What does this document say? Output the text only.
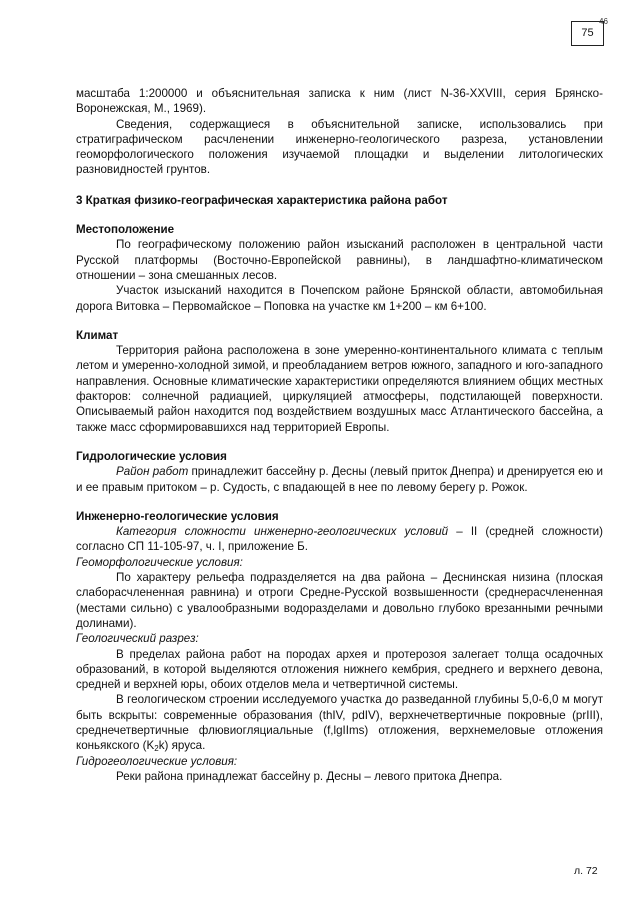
75
46

масштаба 1:200000 и объяснительная записка к ним (лист N-36-XXVIII, серия Брянско-Воронежская, М., 1969).

Сведения, содержащиеся в объяснительной записке, использовались при стратиграфическом расчленении инженерно-геологического разреза, установлении геоморфологического положения изучаемой площадки и выделении литологических разновидностей грунтов.

3 Краткая физико-географическая характеристика района работ
Местоположение

По географическому положению район изысканий расположен в центральной части Русской платформы (Восточно-Европейской равнины), в ландшафтно-климатическом отношении – зона смешанных лесов.

Участок изысканий находится в Почепском районе Брянской области, автомобильная дорога Витовка – Первомайское – Поповка на участке км 1+200 – км 6+100.

Климат

Территория района расположена в зоне умеренно-континентального климата с теплым летом и умеренно-холодной зимой, и преобладанием ветров южного, западного и юго-западного направления. Основные климатические характеристики определяются влиянием общих местных факторов: солнечной радиацией, циркуляцией атмосферы, подстилающей поверхности. Описываемый район находится под воздействием воздушных масс Атлантического бассейна, а также масс сформировавшихся над территорией Европы.

Гидрологические условия

Район работ принадлежит бассейну р. Десны (левый приток Днепра) и дренируется ею и и ее правым притоком – р. Судость, с впадающей в нее по левому берегу р. Рожок.

Инженерно-геологические условия

Категория сложности инженерно-геологических условий – II (средней сложности) согласно СП 11-105-97, ч. I, приложение Б.

Геоморфологические условия:

По характеру рельефа подразделяется на два района – Деснинская низина (плоская слаборасчлененная равнина) и отроги Средне-Русской возвышенности (среднерасчлененная (местами сильно) с увалообразными водоразделами и довольно глубоко врезанными речными долинами).

Геологический разрез:

В пределах района работ на породах архея и протерозоя залегает толща осадочных образований, в которой выделяются отложения нижнего кембрия, среднего и верхнего девона, средней и верхней юры, обоих отделов мела и четвертичной системы.

В геологическом строении исследуемого участка до разведанной глубины 5,0-6,0 м могут быть вскрыты: современные образования (thIV, pdIV), верхнечетвертичные покровные (prIII), среднечетвертичные флювиогляциальные (f,lgIIms) отложения, верхнемеловые отложения коньякского $(K_2k)$ яруса.

Гидрогеологические условия:

Реки района принадлежат бассейну р. Десны – левого притока Днепра.

л. 72
